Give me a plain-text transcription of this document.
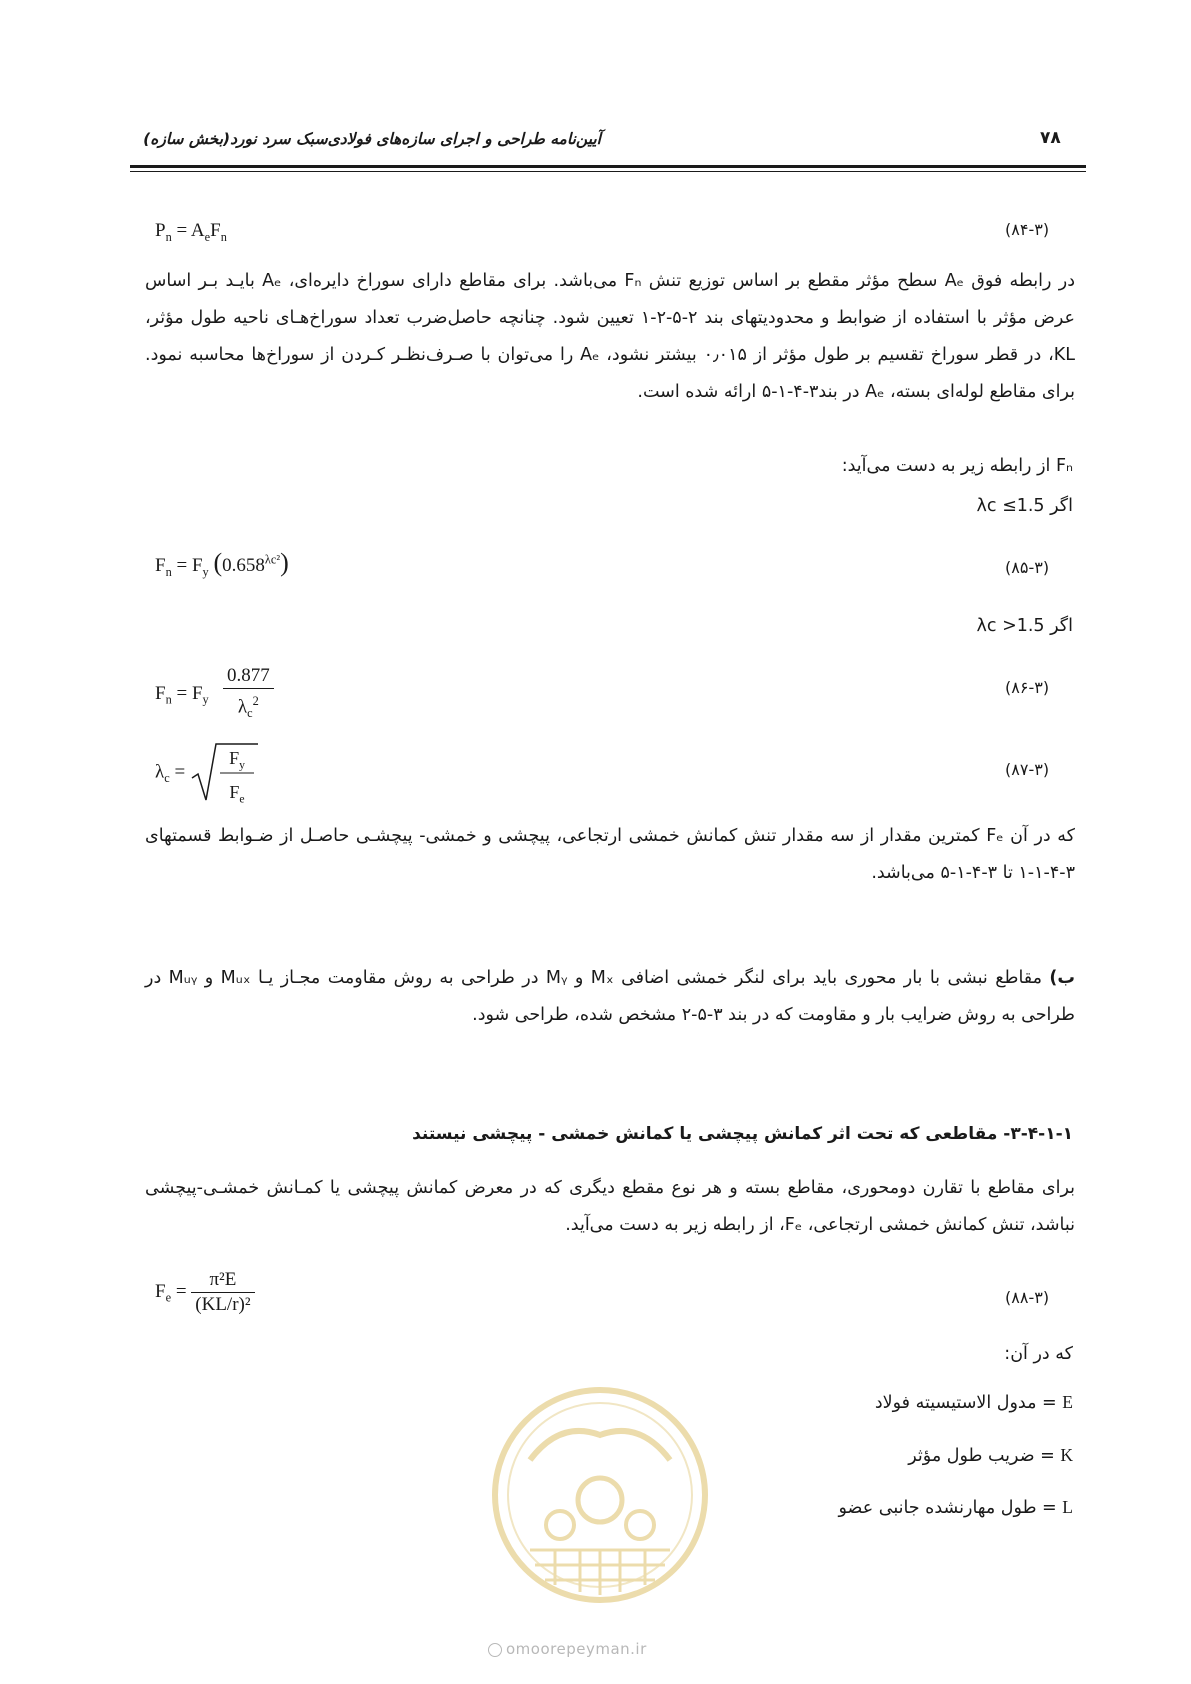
۷۸
آیین‌نامه طراحی و اجرای سازه‌های فولادی‌سبک سرد نورد(بخش سازه)
$P_n = A_eF_n$	(۸۴-۳)
در رابطه فوق Aₑ سطح مؤثر مقطع بر اساس توزیع تنش Fₙ می‌باشد. برای مقاطع دارای سوراخ دایره‌ای، Aₑ بایـد بـر اساس عرض مؤثر با استفاده از ضوابط و محدودیتهای بند ۲-۵-۲-۱ تعیین شود. چنانچه حاصل‌ضرب تعداد سوراخ‌هـای ناحیه طول مؤثر، KL، در قطر سوراخ تقسیم بر طول مؤثر از ۰٫۰۱۵ بیشتر نشود، Aₑ را می‌توان با صـرف‌نظـر کـردن از سوراخ‌ها محاسبه نمود. برای مقاطع لوله‌ای بسته، Aₑ در بند۳-۴-۱-۵ ارائه شده است.
Fₙ از رابطه زیر به دست می‌آید:
اگر λc ≤1.5
$F_n = F_y$ $(0.658^{\lambda c^2})$	(۸۵-۳)
اگر λc >1.5
$F_n = F_y \frac{0.877}{\lambda_c^2}$	(۸۶-۳)
$\lambda_c$ =
$F_y$
$F_e$
(۸۷-۳)
که در آن Fₑ کمترین مقدار از سه مقدار تنش کمانش خمشی ارتجاعی، پیچشی و خمشی- پیچشـی حاصـل از ضـوابط قسمتهای ۳-۴-۱-۱ تا ۳-۴-۱-۵ می‌باشد.
ب) مقاطع نبشی با بار محوری باید برای لنگر خمشی اضافی Mₓ و Mᵧ در طراحی به روش مقاومت مجـاز یـا Mᵤₓ و Mᵤᵧ در طراحی به روش ضرایب بار و مقاومت که در بند ۳-۵-۲ مشخص شده، طراحی شود.
۳-۴-۱-۱- مقاطعی که تحت اثر کمانش پیچشی یا کمانش خمشی - پیچشی نیستند
برای مقاطع با تقارن دومحوری، مقاطع بسته و هر نوع مقطع دیگری که در معرض کمانش پیچشی یا کمـانش خمشـی-پیچشی نباشد، تنش کمانش خمشی ارتجاعی، Fₑ، از رابطه زیر به دست می‌آید.
$F_e = \frac{\text{π²E}}{\text{(KL/r)²}}$	(۸۸-۳)
که در آن:
E = مدول الاستیسیته فولاد
K = ضریب طول مؤثر
L = طول مهارنشده جانبی عضو
omoorepeyman.ir
